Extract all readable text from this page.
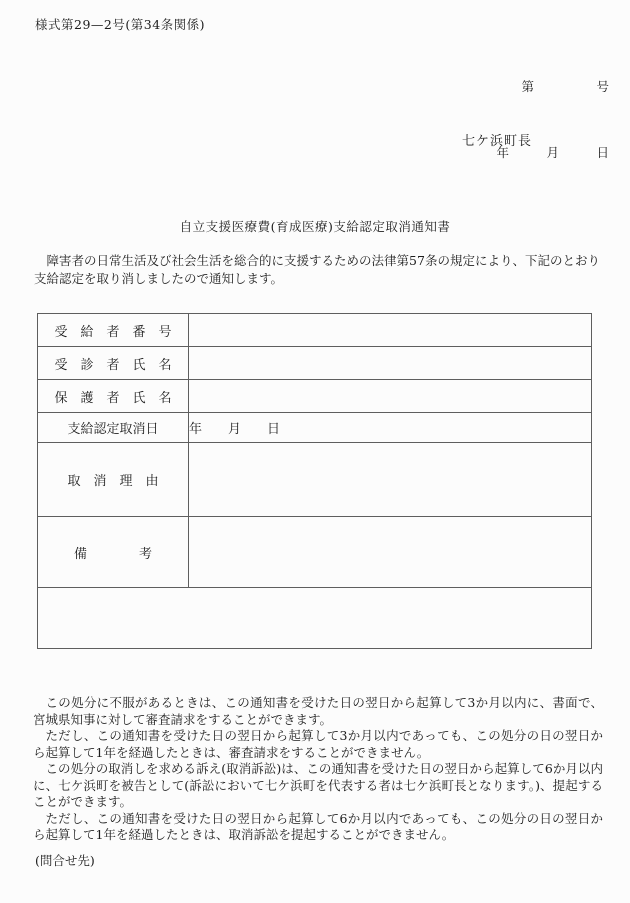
様式第29—2号(第34条関係)

第　　　　　号

年　　　月　　　日

七ケ浜町長
自立支援医療費(育成医療)支給認定取消通知書
障害者の日常生活及び社会生活を総合的に支援するための法律第57条の規定により、下記のとおり支給認定を取り消しましたので通知します。
受　給　者　番　号	
受　診　者　氏　名	
保　護　者　氏　名	
支給認定取消日	年　　月　　日
取　消　理　由	
備　　　　考	

この処分に不服があるときは、この通知書を受けた日の翌日から起算して3か月以内に、書面で、宮城県知事に対して審査請求をすることができます。

ただし、この通知書を受けた日の翌日から起算して3か月以内であっても、この処分の日の翌日から起算して1年を経過したときは、審査請求をすることができません。

この処分の取消しを求める訴え(取消訴訟)は、この通知書を受けた日の翌日から起算して6か月以内に、七ケ浜町を被告として(訴訟において七ケ浜町を代表する者は七ケ浜町長となります。)、提起することができます。

ただし、この通知書を受けた日の翌日から起算して6か月以内であっても、この処分の日の翌日から起算して1年を経過したときは、取消訴訟を提起することができません。

(問合せ先)
